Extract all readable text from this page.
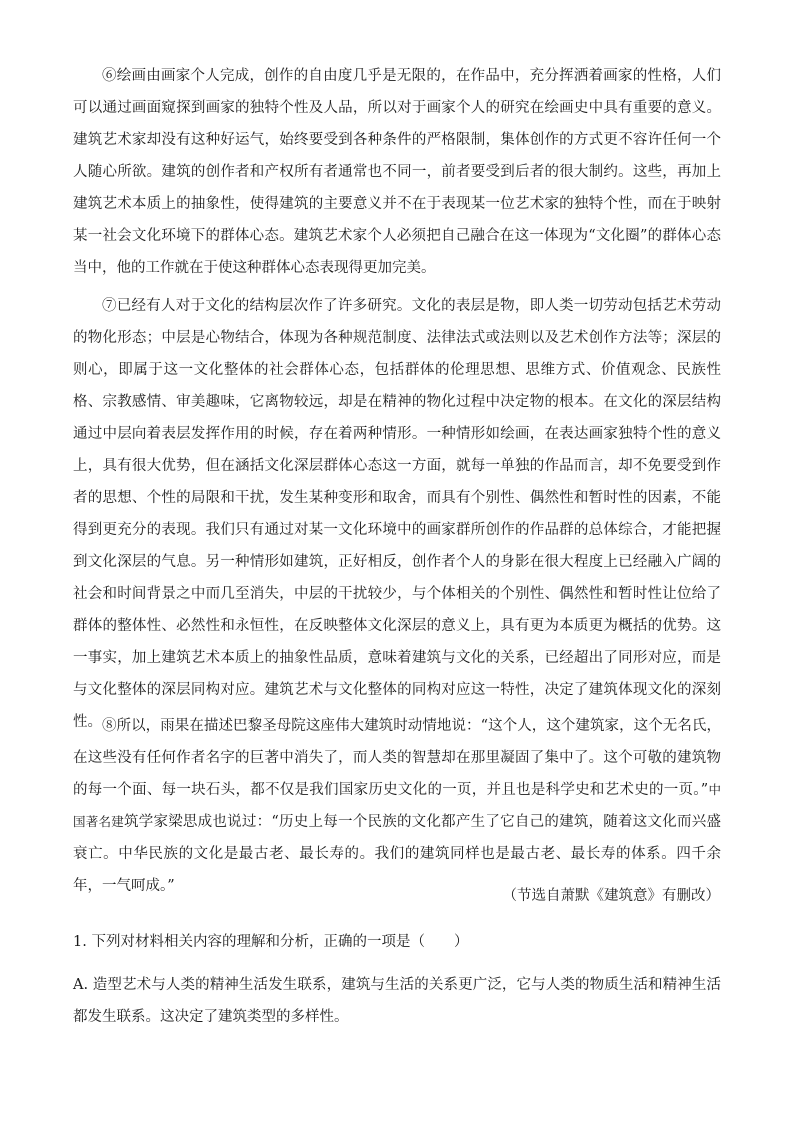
⑥绘画由画家个人完成，创作的自由度几乎是无限的，在作品中，充分挥洒着画家的性格，人们可以通过画面窥探到画家的独特个性及人品，所以对于画家个人的研究在绘画史中具有重要的意义。建筑艺术家却没有这种好运气，始终要受到各种条件的严格限制，集体创作的方式更不容许任何一个人随心所欲。建筑的创作者和产权所有者通常也不同一，前者要受到后者的很大制约。这些，再加上建筑艺术本质上的抽象性，使得建筑的主要意义并不在于表现某一位艺术家的独特个性，而在于映射某一社会文化环境下的群体心态。建筑艺术家个人必须把自己融合在这一体现为“文化圈”的群体心态当中，他的工作就在于使这种群体心态表现得更加完美。

⑦已经有人对于文化的结构层次作了许多研究。文化的表层是物，即人类一切劳动包括艺术劳动的物化形态；中层是心物结合，体现为各种规范制度、法律法式或法则以及艺术创作方法等；深层的则心，即属于这一文化整体的社会群体心态，包括群体的伦理思想、思维方式、价值观念、民族性格、宗教感情、审美趣味，它离物较远，却是在精神的物化过程中决定物的根本。在文化的深层结构通过中层向着表层发挥作用的时候，存在着两种情形。一种情形如绘画，在表达画家独特个性的意义上，具有很大优势，但在涵括文化深层群体心态这一方面，就每一单独的作品而言，却不免要受到作者的思想、个性的局限和干扰，发生某种变形和取舍，而具有个别性、偶然性和暂时性的因素，不能得到更充分的表现。我们只有通过对某一文化环境中的画家群所创作的作品群的总体综合，才能把握到文化深层的气息。另一种情形如建筑，正好相反，创作者个人的身影在很大程度上已经融入广阔的社会和时间背景之中而几至消失，中层的干扰较少，与个体相关的个别性、偶然性和暂时性让位给了群体的整体性、必然性和永恒性，在反映整体文化深层的意义上，具有更为本质更为概括的优势。这一事实，加上建筑艺术本质上的抽象性品质，意味着建筑与文化的关系，已经超出了同形对应，而是与文化整体的深层同构对应。建筑艺术与文化整体的同构对应这一特性，决定了建筑体现文化的深刻性。 ⑧所以，雨果在描述巴黎圣母院这座伟大建筑时动情地说：“这个人，这个建筑家，这个无名氏，在这些没有任何作者名字的巨著中消失了，而人类的智慧却在那里凝固了集中了。这个可敬的建筑物的每一个面、每一块石头，都不仅是我们国家历史文化的一页，并且也是科学史和艺术史的一页。”中国著名建筑学家梁思成也说过：“历史上每一个民族的文化都产生了它自己的建筑，随着这文化而兴盛衰亡。中华民族的文化是最古老、最长寿的。我们的建筑同样也是最古老、最长寿的体系。四千余年，一气呵成。”

（节选自萧默《建筑意》有删改）

1. 下列对材料相关内容的理解和分析，正确的一项是（　　）

A. 造型艺术与人类的精神生活发生联系，建筑与生活的关系更广泛，它与人类的物质生活和精神生活都发生联系。这决定了建筑类型的多样性。
